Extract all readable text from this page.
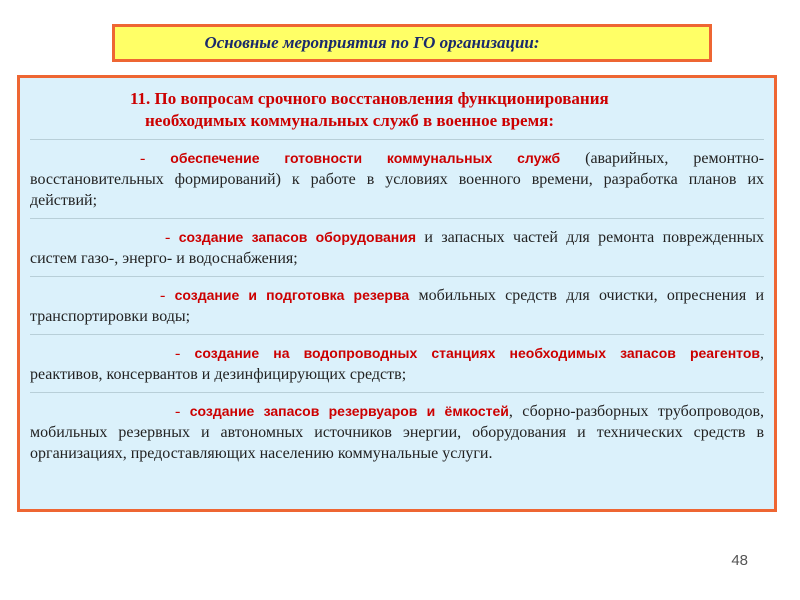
Основные мероприятия по ГО организации:
11. По вопросам срочного восстановления функционирования
необходимых коммунальных служб в военное время:
- обеспечение готовности коммунальных служб (аварийных, ремонтно-восстановительных формирований) к работе в условиях военного времени, разработка планов их действий;
- создание запасов оборудования и запасных частей для ремонта поврежденных систем газо-, энерго- и водоснабжения;
- создание и подготовка резерва мобильных средств для очистки, опреснения и транспортировки воды;
- создание на водопроводных станциях необходимых запасов реагентов, реактивов, консервантов и дезинфицирующих средств;
- создание запасов резервуаров и ёмкостей, сборно-разборных трубопроводов, мобильных резервных и автономных источников энергии, оборудования и технических средств в организациях, предоставляющих населению коммунальные услуги.
48
